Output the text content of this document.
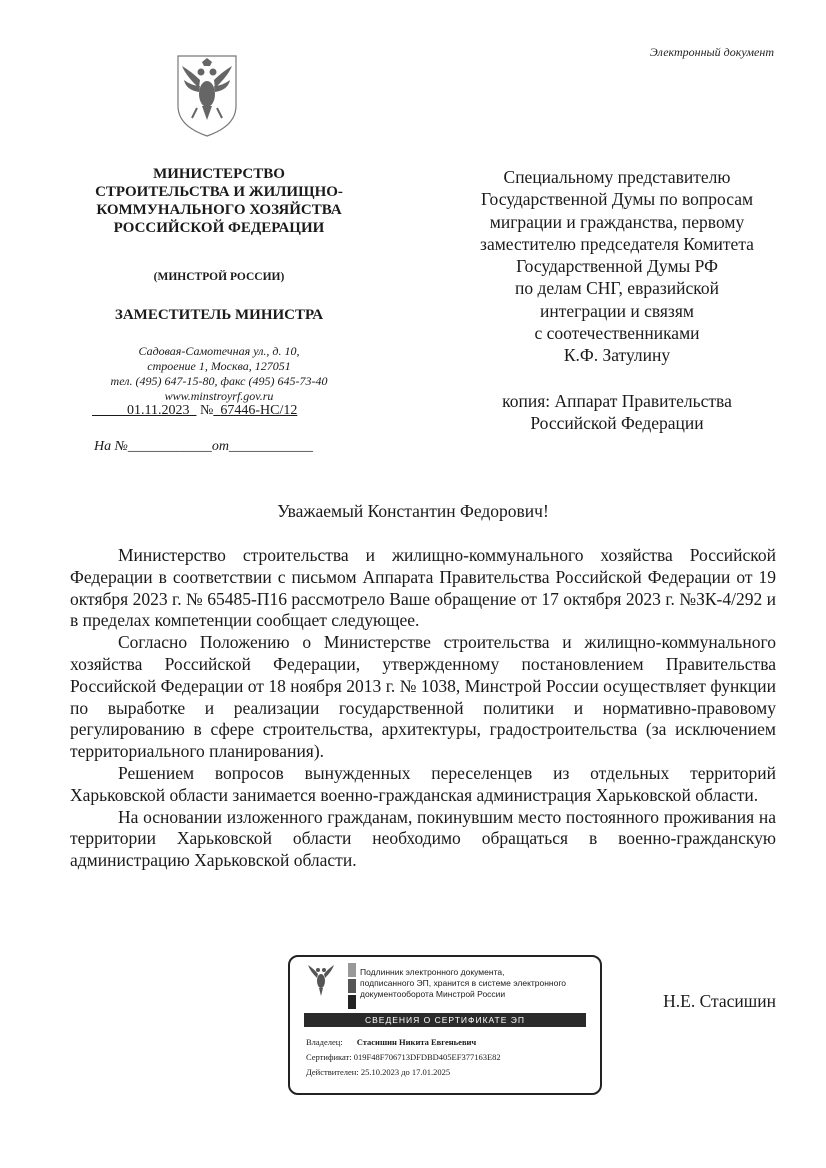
Электронный документ
МИНИСТЕРСТВО
СТРОИТЕЛЬСТВА И ЖИЛИЩНО-
КОММУНАЛЬНОГО ХОЗЯЙСТВА
РОССИЙСКОЙ ФЕДЕРАЦИИ
(МИНСТРОЙ РОССИИ)
ЗАМЕСТИТЕЛЬ МИНИСТРА
Садовая-Самотечная ул., д. 10,
строение 1, Москва, 127051
тел. (495) 647-15-80, факс (495) 645-73-40
www.minstroyrf.gov.ru
01.11.2023 № 67446-НС/12
На №____________от____________
Специальному представителю
Государственной Думы по вопросам
миграции и гражданства, первому
заместителю председателя Комитета
Государственной Думы РФ
по делам СНГ, евразийской
интеграции и связям
с соотечественниками
К.Ф. Затулину
копия: Аппарат Правительства
Российской Федерации
Уважаемый Константин Федорович!

Министерство строительства и жилищно-коммунального хозяйства Российской Федерации в соответствии с письмом Аппарата Правительства Российской Федерации от 19 октября 2023 г. № 65485-П16 рассмотрело Ваше обращение от 17 октября 2023 г. №ЗК-4/292 и в пределах компетенции сообщает следующее.

Согласно Положению о Министерстве строительства и жилищно-коммунального хозяйства Российской Федерации, утвержденному постановлением Правительства Российской Федерации от 18 ноября 2013 г. № 1038, Минстрой России осуществляет функции по выработке и реализации государственной политики и нормативно-правовому регулированию в сфере строительства, архитектуры, градостроительства (за исключением территориального планирования).

Решением вопросов вынужденных переселенцев из отдельных территорий Харьковской области занимается военно-гражданская администрация Харьковской области.

На основании изложенного гражданам, покинувшим место постоянного проживания на территории Харьковской области необходимо обращаться в военно-гражданскую администрацию Харьковской области.

Подлинник электронного документа,
подписанного ЭП, хранится в системе электронного
документооборота Минстрой России
СВЕДЕНИЯ О СЕРТИФИКАТЕ ЭП
Владелец: Стасишин Никита Евгеньевич
Сертификат: 019F48F706713DFDBD405EF377163E82
Действителен: 25.10.2023 до 17.01.2025
Н.Е. Стасишин
